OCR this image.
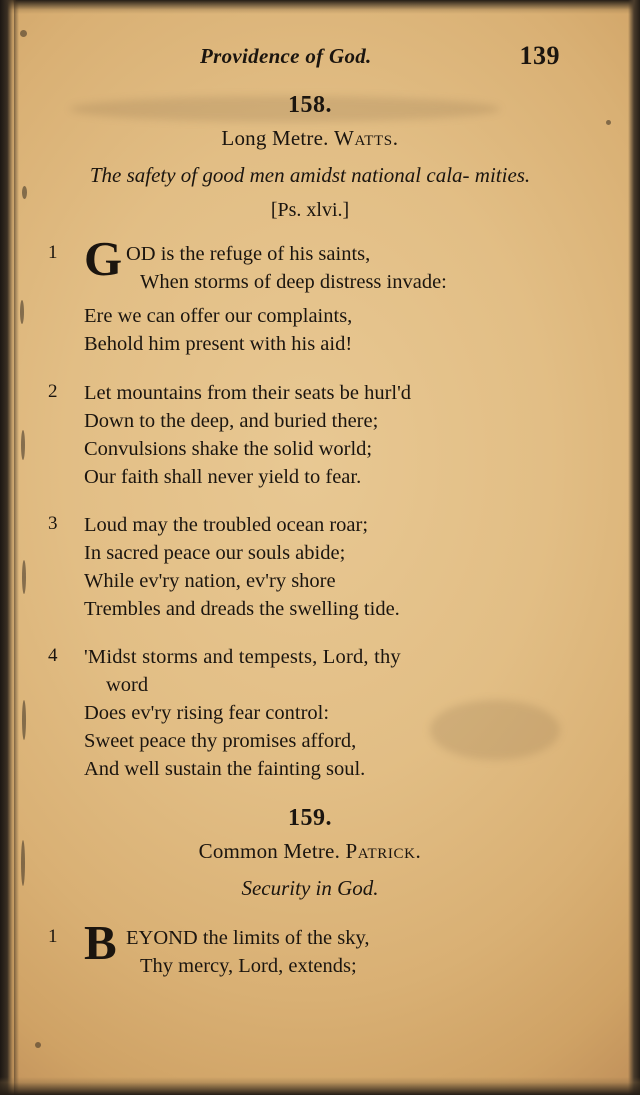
Providence of God.	139
158.
Long Metre. Watts.
The safety of good men amidst national cala- mities.
[Ps. xlvi.]
1 G OD is the refuge of his saints,
When storms of deep distress invade:
Ere we can offer our complaints,
Behold him present with his aid!
2 Let mountains from their seats be hurl'd
Down to the deep, and buried there;
Convulsions shake the solid world;
Our faith shall never yield to fear.
3 Loud may the troubled ocean roar;
In sacred peace our souls abide;
While ev'ry nation, ev'ry shore
Trembles and dreads the swelling tide.
4 'Midst storms and tempests, Lord, thy
word
Does ev'ry rising fear control:
Sweet peace thy promises afford,
And well sustain the fainting soul.
159.
Common Metre. Patrick.
Security in God.
1 B EYOND the limits of the sky,
Thy mercy, Lord, extends;
